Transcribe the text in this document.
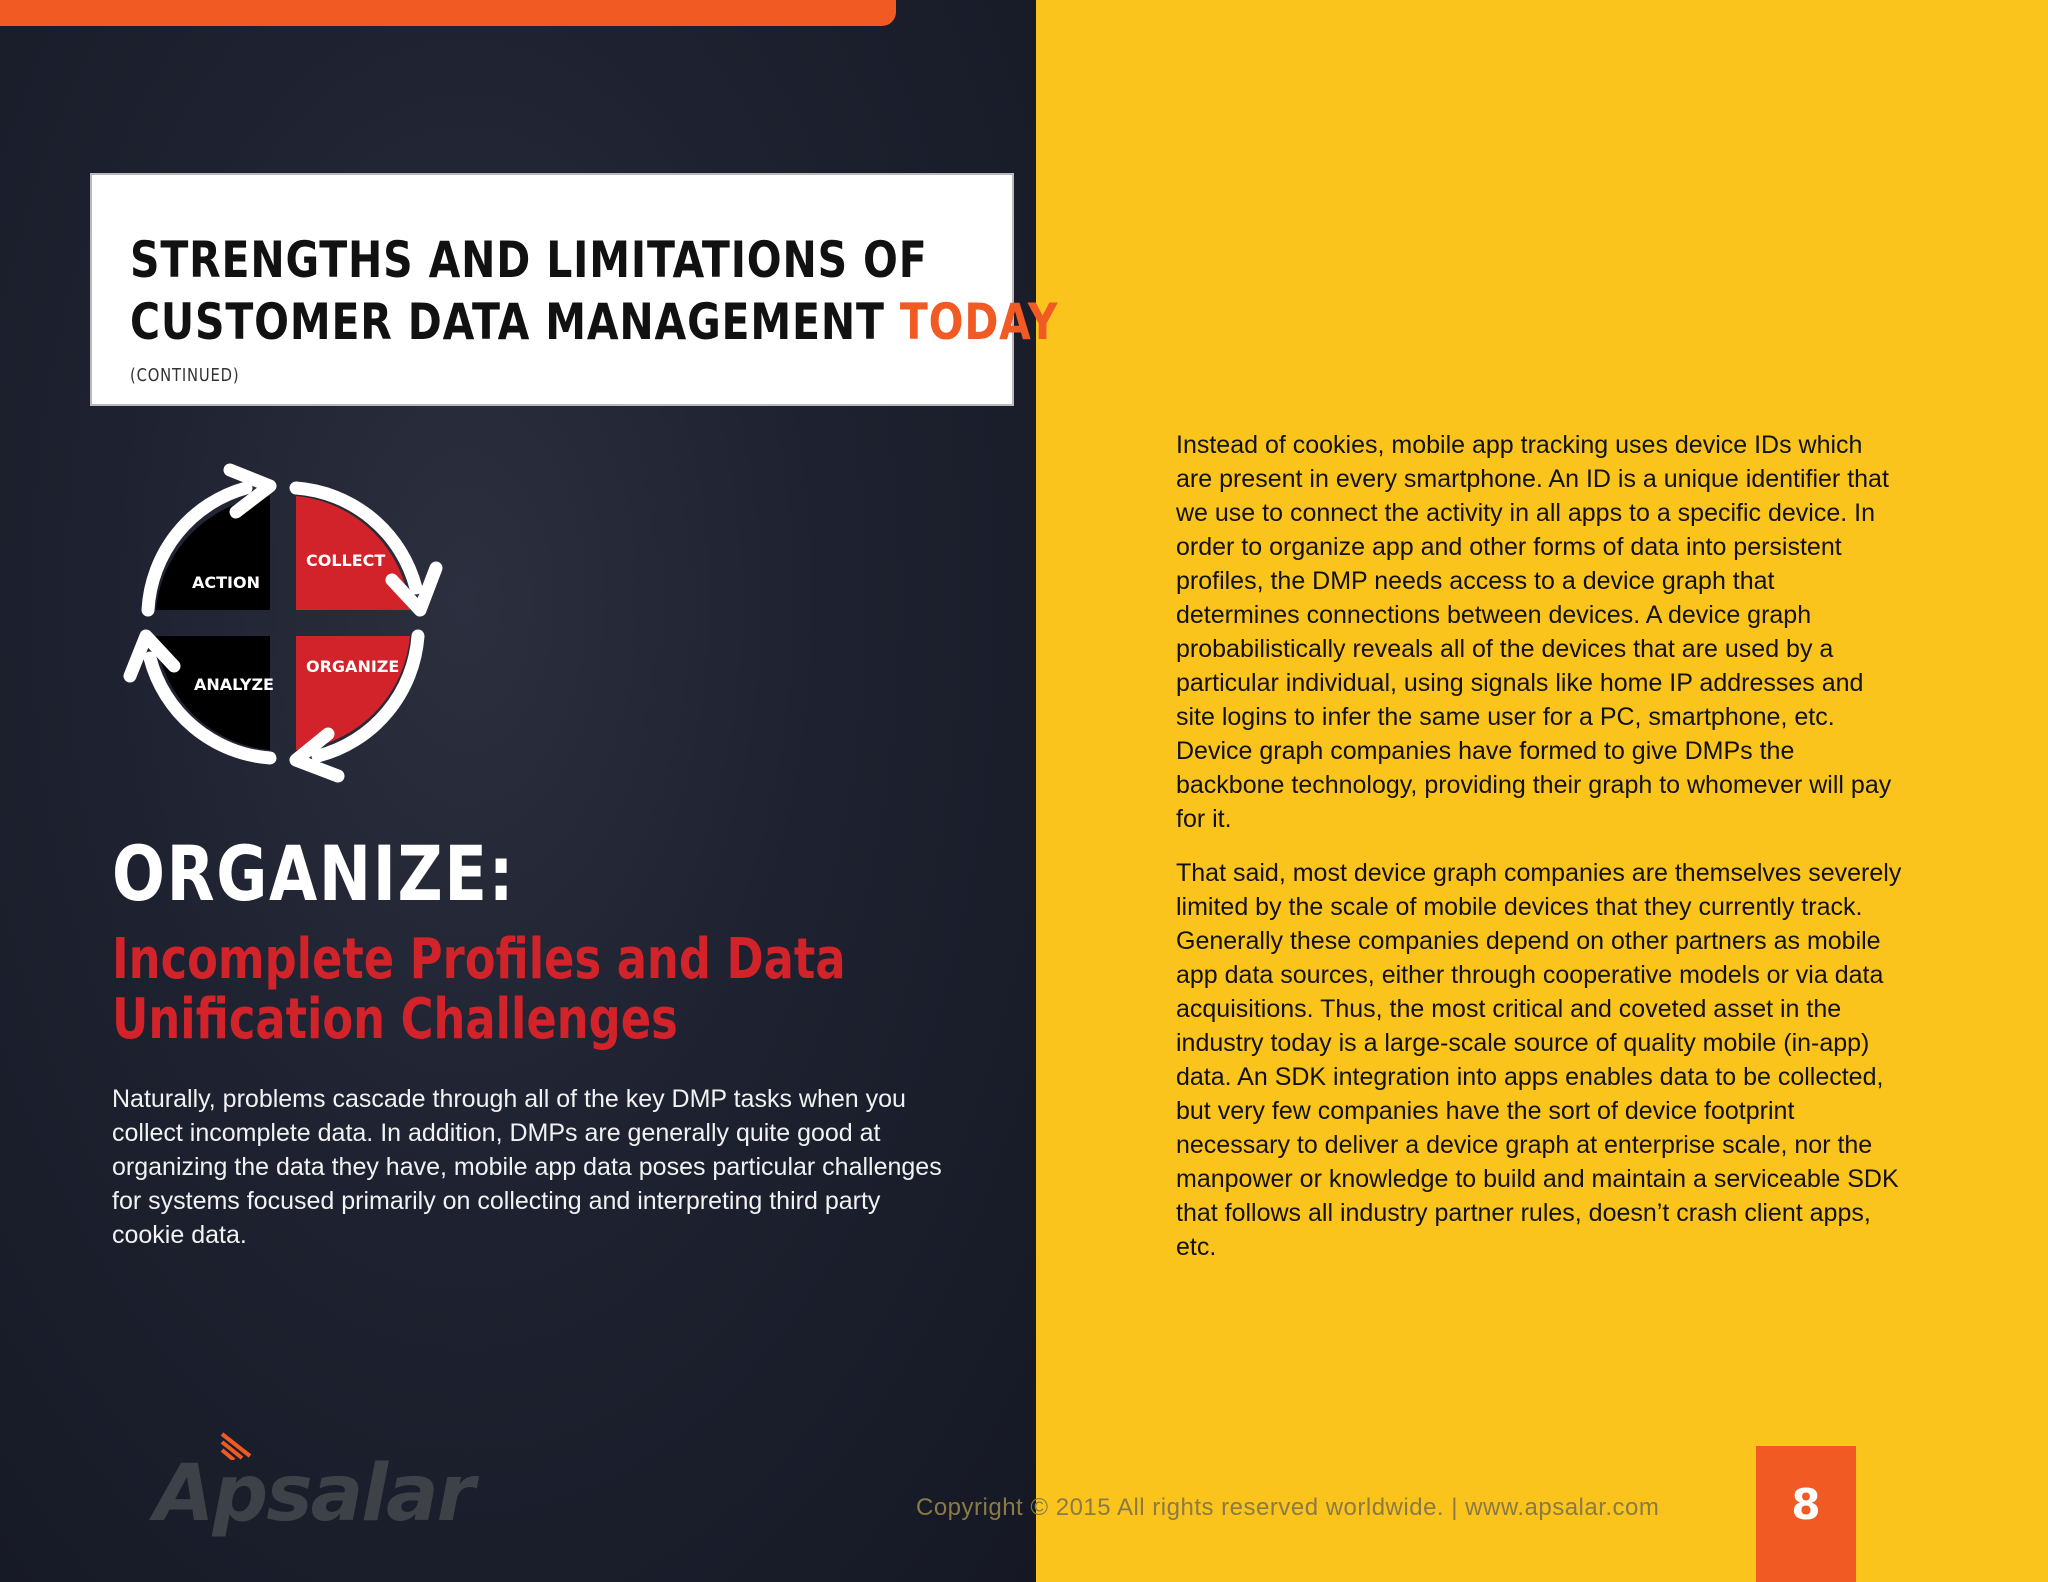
STRENGTHS AND LIMITATIONS OF
CUSTOMER DATA MANAGEMENT TODAY
(CONTINUED)
ACTION
COLLECT
ORGANIZE
ANALYZE
ORGANIZE:
Incomplete Profiles and Data
Unification Challenges

Naturally, problems cascade through all of the key DMP tasks when you collect incomplete data. In addition, DMPs are generally quite good at organizing the data they have, mobile app data poses particular challenges for systems focused primarily on collecting and interpreting third party cookie data.

Instead of cookies, mobile app tracking uses device IDs which are present in every smartphone. An ID is a unique identifier that we use to connect the activity in all apps to a specific device. In order to organize app and other forms of data into persistent profiles, the DMP needs access to a device graph that determines connections between devices. A device graph probabilistically reveals all of the devices that are used by a particular individual, using signals like home IP addresses and site logins to infer the same user for a PC, smartphone, etc. Device graph companies have formed to give DMPs the backbone technology, providing their graph to whomever will pay for it.

That said, most device graph companies are themselves severely limited by the scale of mobile devices that they currently track. Generally these companies depend on other partners as mobile app data sources, either through cooperative models or via data acquisitions. Thus, the most critical and coveted asset in the industry today is a large-scale source of quality mobile (in-app) data. An SDK integration into apps enables data to be collected, but very few companies have the sort of device footprint necessary to deliver a device graph at enterprise scale, nor the manpower or knowledge to build and maintain a serviceable SDK that follows all industry partner rules, doesn’t crash client apps, etc.

Apsalar	Copyright © 2015 All rights reserved worldwide. | www.apsalar.com	8
